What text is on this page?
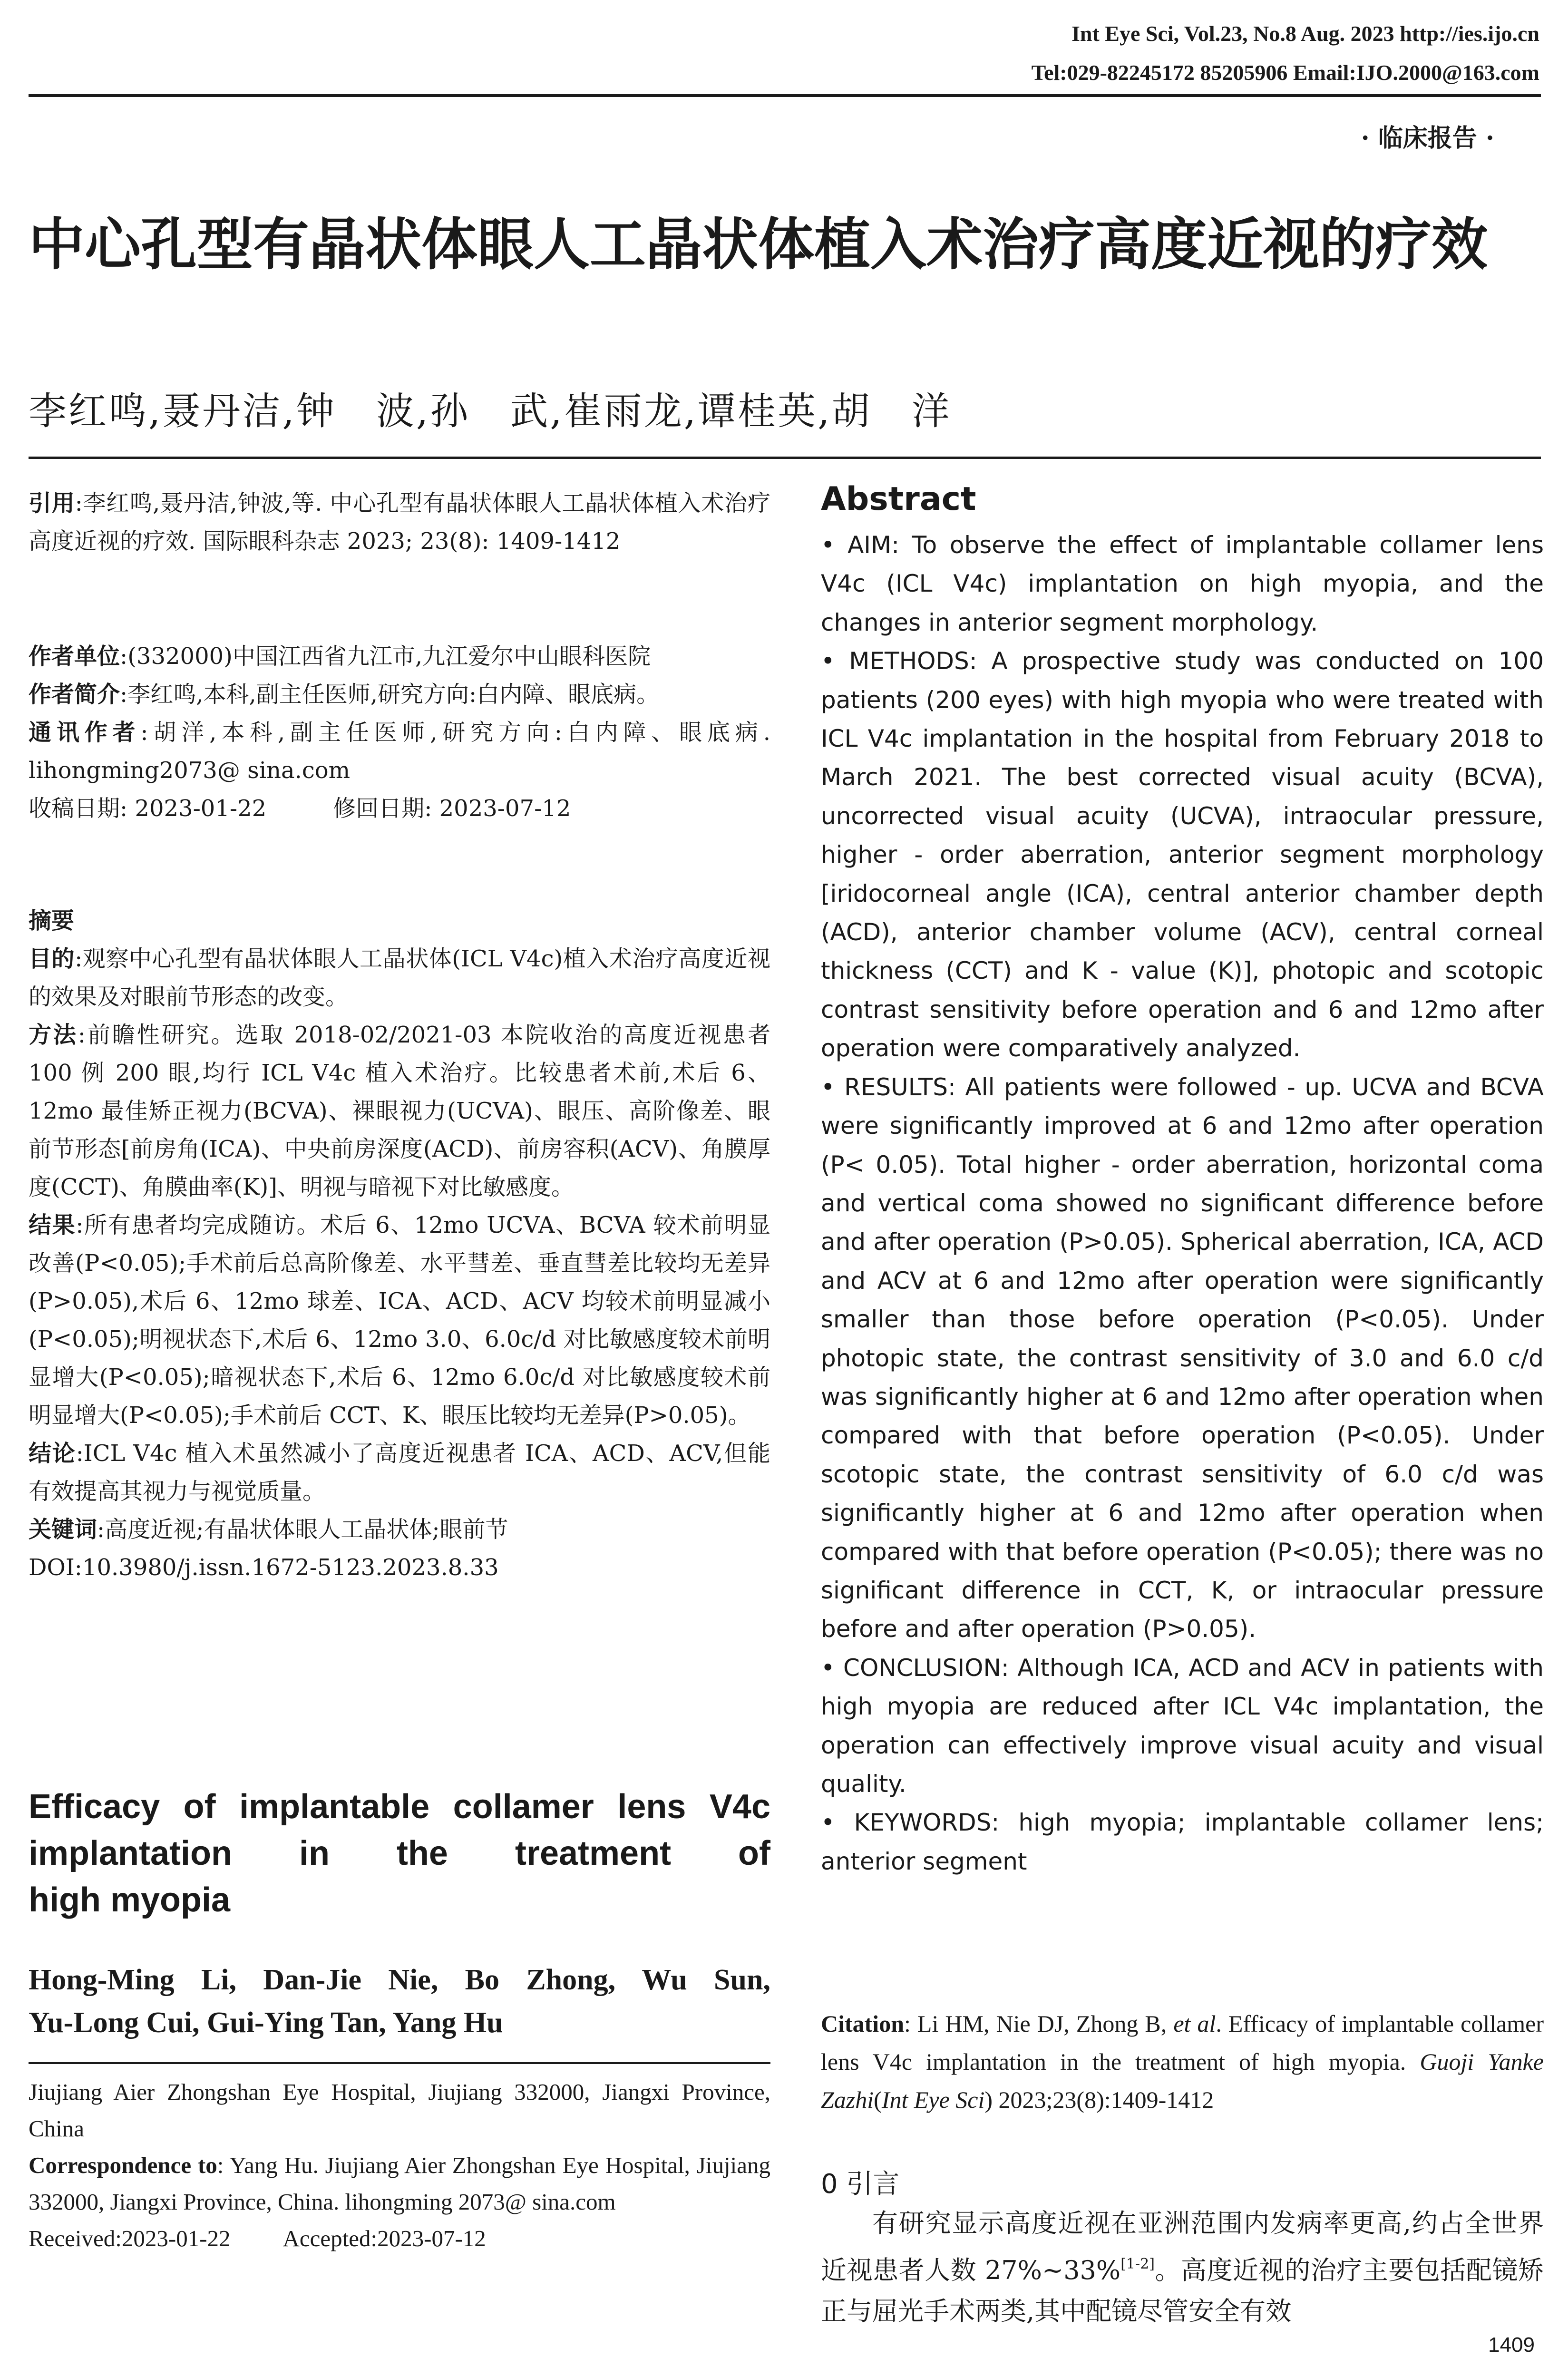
Int Eye Sci, Vol.23, No.8 Aug. 2023 http://ies.ijo.cn
Tel:029-82245172 85205906 Email:IJO.2000@163.com
· 临床报告 ·
中心孔型有晶状体眼人工晶状体植入术治疗高度近视的疗效
李红鸣,聂丹洁,钟　波,孙　武,崔雨龙,谭桂英,胡　洋

引用:李红鸣,聂丹洁,钟波,等. 中心孔型有晶状体眼人工晶状体植入术治疗高度近视的疗效. 国际眼科杂志 2023; 23(8): 1409-1412

作者单位:(332000)中国江西省九江市,九江爱尔中山眼科医院

作者简介:李红鸣,本科,副主任医师,研究方向:白内障、眼底病。

通讯作者:胡洋,本科,副主任医师,研究方向:白内障、眼底病. lihongming2073@ sina.com

收稿日期: 2023-01-22	修回日期: 2023-07-12

摘要

目的:观察中心孔型有晶状体眼人工晶状体(ICL V4c)植入术治疗高度近视的效果及对眼前节形态的改变。

方法:前瞻性研究。选取 2018-02/2021-03 本院收治的高度近视患者 100 例 200 眼,均行 ICL V4c 植入术治疗。比较患者术前,术后 6、12mo 最佳矫正视力(BCVA)、裸眼视力(UCVA)、眼压、高阶像差、眼前节形态[前房角(ICA)、中央前房深度(ACD)、前房容积(ACV)、角膜厚度(CCT)、角膜曲率(K)]、明视与暗视下对比敏感度。

结果:所有患者均完成随访。术后 6、12mo UCVA、BCVA 较术前明显改善(P<0.05);手术前后总高阶像差、水平彗差、垂直彗差比较均无差异(P>0.05),术后 6、12mo 球差、ICA、ACD、ACV 均较术前明显减小(P<0.05);明视状态下,术后 6、12mo 3.0、6.0c/d 对比敏感度较术前明显增大(P<0.05);暗视状态下,术后 6、12mo 6.0c/d 对比敏感度较术前明显增大(P<0.05);手术前后 CCT、K、眼压比较均无差异(P>0.05)。

结论:ICL V4c 植入术虽然减小了高度近视患者 ICA、ACD、ACV,但能有效提高其视力与视觉质量。

关键词:高度近视;有晶状体眼人工晶状体;眼前节

DOI:10.3980/j.issn.1672-5123.2023.8.33

Efficacy of implantable collamer lens V4c
implantation in the treatment of
high myopia
Hong-Ming Li, Dan-Jie Nie, Bo Zhong, Wu Sun,
Yu-Long Cui, Gui-Ying Tan, Yang Hu

Jiujiang Aier Zhongshan Eye Hospital, Jiujiang 332000, Jiangxi Province, China

Correspondence to: Yang Hu. Jiujiang Aier Zhongshan Eye Hospital, Jiujiang 332000, Jiangxi Province, China. lihongming 2073@ sina.com

Received:2023-01-22 Accepted:2023-07-12

Abstract

• AIM: To observe the effect of implantable collamer lens V4c (ICL V4c) implantation on high myopia, and the changes in anterior segment morphology.

• METHODS: A prospective study was conducted on 100 patients (200 eyes) with high myopia who were treated with ICL V4c implantation in the hospital from February 2018 to March 2021. The best corrected visual acuity (BCVA), uncorrected visual acuity (UCVA), intraocular pressure, higher - order aberration, anterior segment morphology [iridocorneal angle (ICA), central anterior chamber depth (ACD), anterior chamber volume (ACV), central corneal thickness (CCT) and K - value (K)], photopic and scotopic contrast sensitivity before operation and 6 and 12mo after operation were comparatively analyzed.

• RESULTS: All patients were followed - up. UCVA and BCVA were significantly improved at 6 and 12mo after operation (P< 0.05). Total higher - order aberration, horizontal coma and vertical coma showed no significant difference before and after operation (P>0.05). Spherical aberration, ICA, ACD and ACV at 6 and 12mo after operation were significantly smaller than those before operation (P<0.05). Under photopic state, the contrast sensitivity of 3.0 and 6.0 c/d was significantly higher at 6 and 12mo after operation when compared with that before operation (P<0.05). Under scotopic state, the contrast sensitivity of 6.0 c/d was significantly higher at 6 and 12mo after operation when compared with that before operation (P<0.05); there was no significant difference in CCT, K, or intraocular pressure before and after operation (P>0.05).

• CONCLUSION: Although ICA, ACD and ACV in patients with high myopia are reduced after ICL V4c implantation, the operation can effectively improve visual acuity and visual quality.

• KEYWORDS: high myopia; implantable collamer lens; anterior segment

Citation: Li HM, Nie DJ, Zhong B, et al. Efficacy of implantable collamer lens V4c implantation in the treatment of high myopia. Guoji Yanke Zazhi(Int Eye Sci) 2023;23(8):1409-1412
0 引言
有研究显示高度近视在亚洲范围内发病率更高,约占全世界近视患者人数 27%~33%[1-2]。高度近视的治疗主要包括配镜矫正与屈光手术两类,其中配镜尽管安全有效
1409
